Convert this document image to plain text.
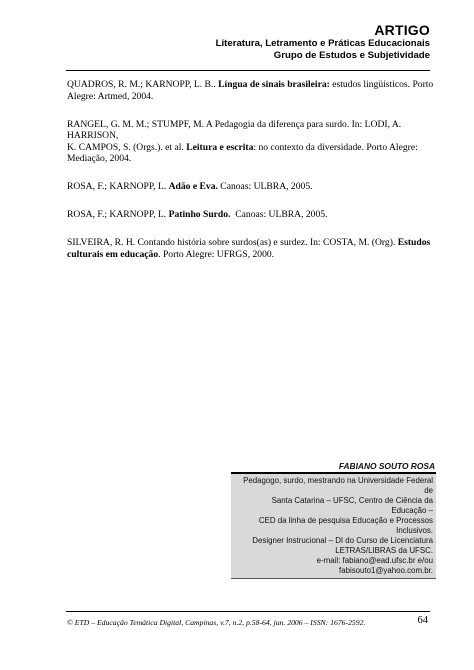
ARTIGO
Literatura, Letramento e Práticas Educacionais
Grupo de Estudos e Subjetividade

QUADROS, R. M.; KARNOPP, L. B.. Língua de sinais brasileira: estudos lingüísticos. Porto Alegre: Artmed, 2004.

RANGEL, G. M. M.; STUMPF, M. A Pedagogia da diferença para surdo. In: LODI, A. HARRISON,
K. CAMPOS, S. (Orgs.). et al. Leitura e escrita: no contexto da diversidade. Porto Alegre: Mediação, 2004.

ROSA, F.; KARNOPP, L. Adão e Eva. Canoas: ULBRA, 2005.

ROSA, F.; KARNOPP, L. Patinho Surdo.  Canoas: ULBRA, 2005.

SILVEIRA, R. H. Contando história sobre surdos(as) e surdez. In: COSTA, M. (Org). Estudos culturais em educação. Porto Alegre: UFRGS, 2000.

FABIANO SOUTO ROSA
Pedagogo, surdo, mestrando na Universidade Federal de
Santa Catarina – UFSC, Centro de Ciência da Educação –
CED da linha de pesquisa Educação e Processos Inclusivos.
Designer Instrucional – DI do Curso de Licenciatura
LETRAS/LIBRAS da UFSC.
e-mail: fabiano@ead.ufsc.br e/ou fabisouto1@yahoo.com.br.
© ETD – Educação Temática Digital, Campinas, v.7, n.2, p.58-64, jun. 2006 – ISSN: 1676-2592.	64
